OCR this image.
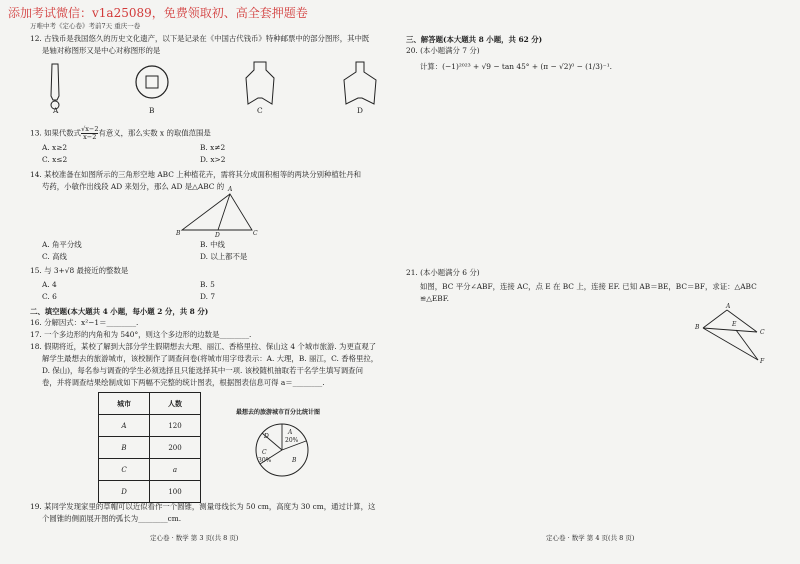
添加考试微信：v1a25089，免费领取初、高全套押题卷
万唯中考《定心卷》考前7天 重庆一卷
12. 古钱币是我国悠久的历史文化遗产，以下是记录在《中国古代钱币》特种邮票中的部分图形，其中既
是轴对称图形又是中心对称图形的是
A	B	C	D
13. 如果代数式 $\frac{√x-2}{x-2}$ 有意义，那么实数 x 的取值范围是
A. x≥2	B. x≠2
C. x≤2	D. x>2
14. 某校准备在如图所示的三角形空地 ABC 上种植花卉，需将其分成面积相等的两块分别种植牡丹和
芍药，小敏作出线段 AD 来划分，那么 AD 是△ABC 的 A
B	D	C
A. 角平分线	B. 中线
C. 高线	D. 以上都不是
15. 与 3+√8 最接近的整数是
A. 4	B. 5
C. 6	D. 7
二、填空题(本大题共 4 小题，每小题 2 分，共 8 分)
16. 分解因式：x²−1＝________.
17. 一个多边形的内角和为 540°，则这个多边形的边数是________.
18. 假期将近，某校了解到大部分学生假期想去大理、丽江、香格里拉、保山这 4 个城市旅游. 为更直观了
解学生最想去的旅游城市，该校制作了调查问卷(将城市用字母表示：A. 大理，B. 丽江，C. 香格里拉，
D. 保山)，每名参与调查的学生必须选择且只能选择其中一项. 该校随机抽取若干名学生填写调查问
卷，并将调查结果绘制成如下两幅不完整的统计图表，根据图表信息可得 a＝________.
城市	人数
A	120
B	200
C	a
D	100
最想去的旅游城市百分比统计图
A
20%
B
C
30%
D
19. 某同学发现家里的草帽可以近似看作一个圆锥，测量母线长为 50 cm，高度为 30 cm，通过计算，这
个圆锥的侧面展开图的弧长为________cm.
定心卷 · 数学 第 3 页(共 8 页)
三、解答题(本大题共 8 小题，共 62 分)
20. (本小题满分 7 分)
计算：(−1)²⁰²³ + √9 − tan 45° + (π − √2)⁰ − (1/3)⁻¹.
21. (本小题满分 6 分)
如图，BC 平分∠ABF，连接 AC，点 E 在 BC 上，连接 EF. 已知 AB＝BE，BC＝BF，求证：△ABC
≌△EBF.
A
B	E
C
F
定心卷 · 数学 第 4 页(共 8 页)
